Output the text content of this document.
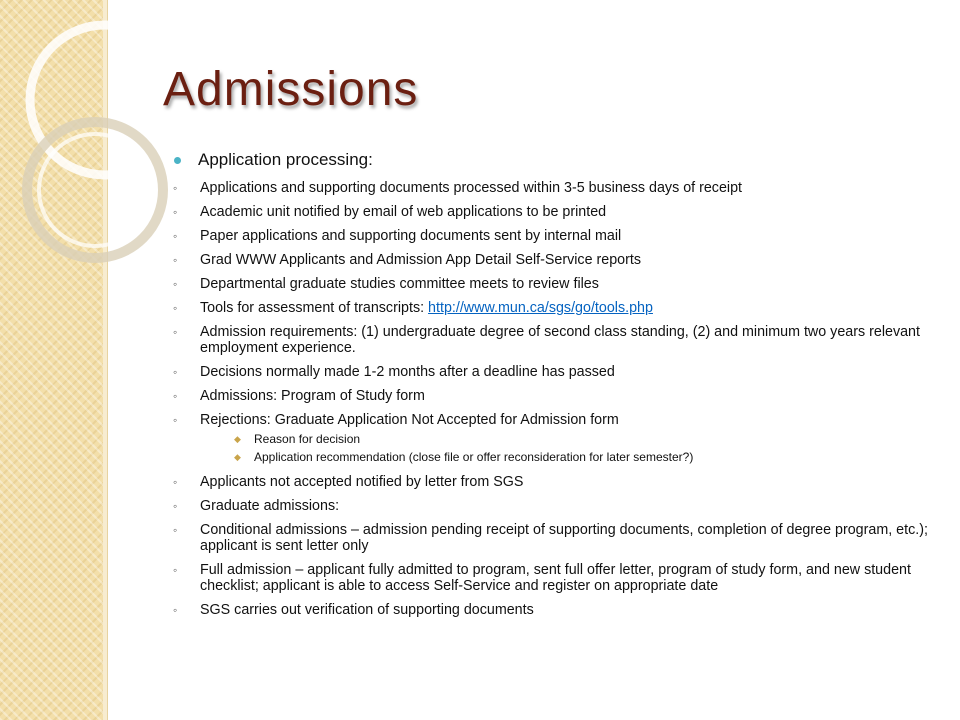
Admissions
Application processing:
◦ Applications and supporting documents processed within 3-5 business days of receipt
◦ Academic unit notified by email of web applications to be printed
◦ Paper applications and supporting documents sent by internal mail
◦ Grad WWW Applicants and Admission App Detail Self-Service reports
◦ Departmental graduate studies committee meets to review files
◦ Tools for assessment of transcripts: http://www.mun.ca/sgs/go/tools.php
◦ Admission requirements: (1) undergraduate degree of second class standing, (2) and minimum two years relevant employment experience.
◦ Decisions normally made 1-2 months after a deadline has passed
◦ Admissions: Program of Study form
◦ Rejections: Graduate Application Not Accepted for Admission form
◆ Reason for decision
◆ Application recommendation (close file or offer reconsideration for later semester?)
◦ Applicants not accepted notified by letter from SGS
◦ Graduate admissions:
◦ Conditional admissions – admission pending receipt of supporting documents, completion of degree program, etc.); applicant is sent letter only
◦ Full admission – applicant fully admitted to program, sent full offer letter, program of study form, and new student checklist; applicant is able to access Self-Service and register on appropriate date
◦ SGS carries out verification of supporting documents
